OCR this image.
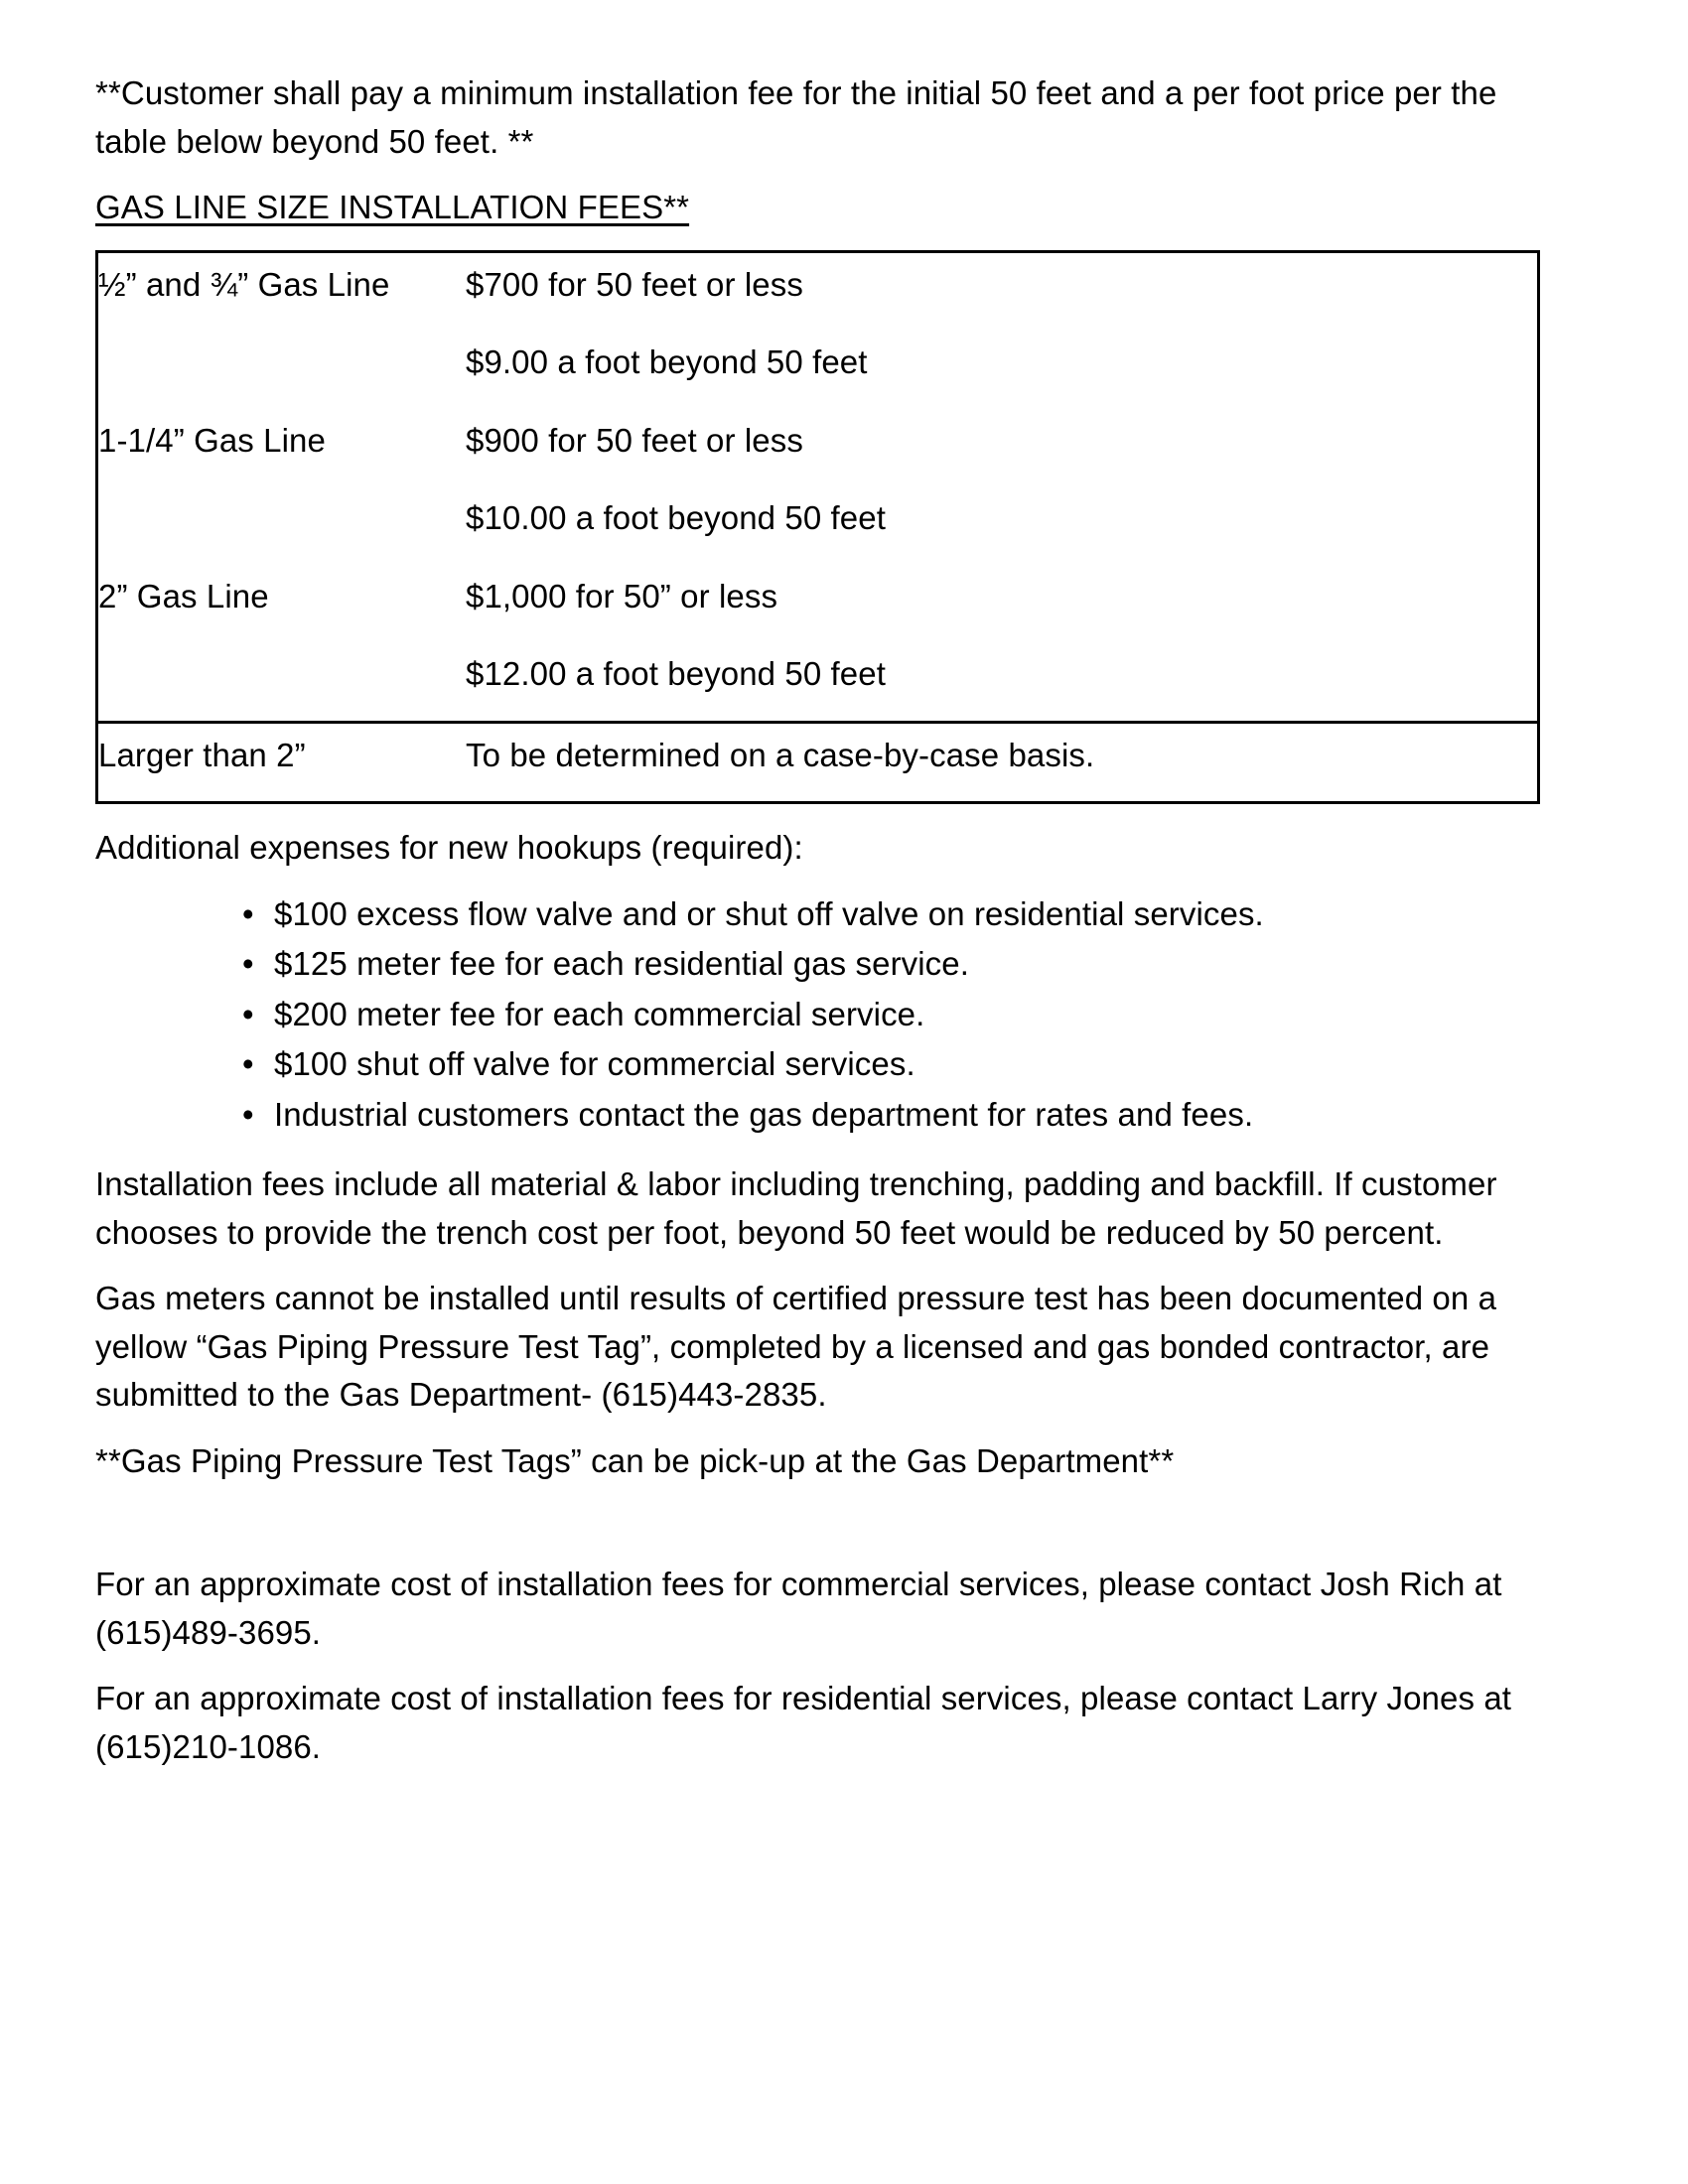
**Customer shall pay a minimum installation fee for the initial 50 feet and a per foot price per the table below beyond 50 feet. **

GAS LINE SIZE INSTALLATION FEES**

½” and ¾” Gas Line	$700 for 50 feet or less
$9.00 a foot beyond 50 feet

1-1/4” Gas Line	$900 for 50 feet or less
$10.00 a foot beyond 50 feet

2” Gas Line	$1,000 for 50” or less
$12.00 a foot beyond 50 feet

Larger than 2”	To be determined on a case-by-case basis.

Additional expenses for new hookups (required):

• $100 excess flow valve and or shut off valve on residential services.
• $125 meter fee for each residential gas service.
• $200 meter fee for each commercial service.
• $100 shut off valve for commercial services.
• Industrial customers contact the gas department for rates and fees.

Installation fees include all material & labor including trenching, padding and backfill. If customer chooses to provide the trench cost per foot, beyond 50 feet would be reduced by 50 percent.

Gas meters cannot be installed until results of certified pressure test has been documented on a yellow “Gas Piping Pressure Test Tag”, completed by a licensed and gas bonded contractor, are submitted to the Gas Department- (615)443-2835.

**Gas Piping Pressure Test Tags” can be pick-up at the Gas Department**

For an approximate cost of installation fees for commercial services, please contact Josh Rich at (615)489-3695.

For an approximate cost of installation fees for residential services, please contact Larry Jones at (615)210-1086.
